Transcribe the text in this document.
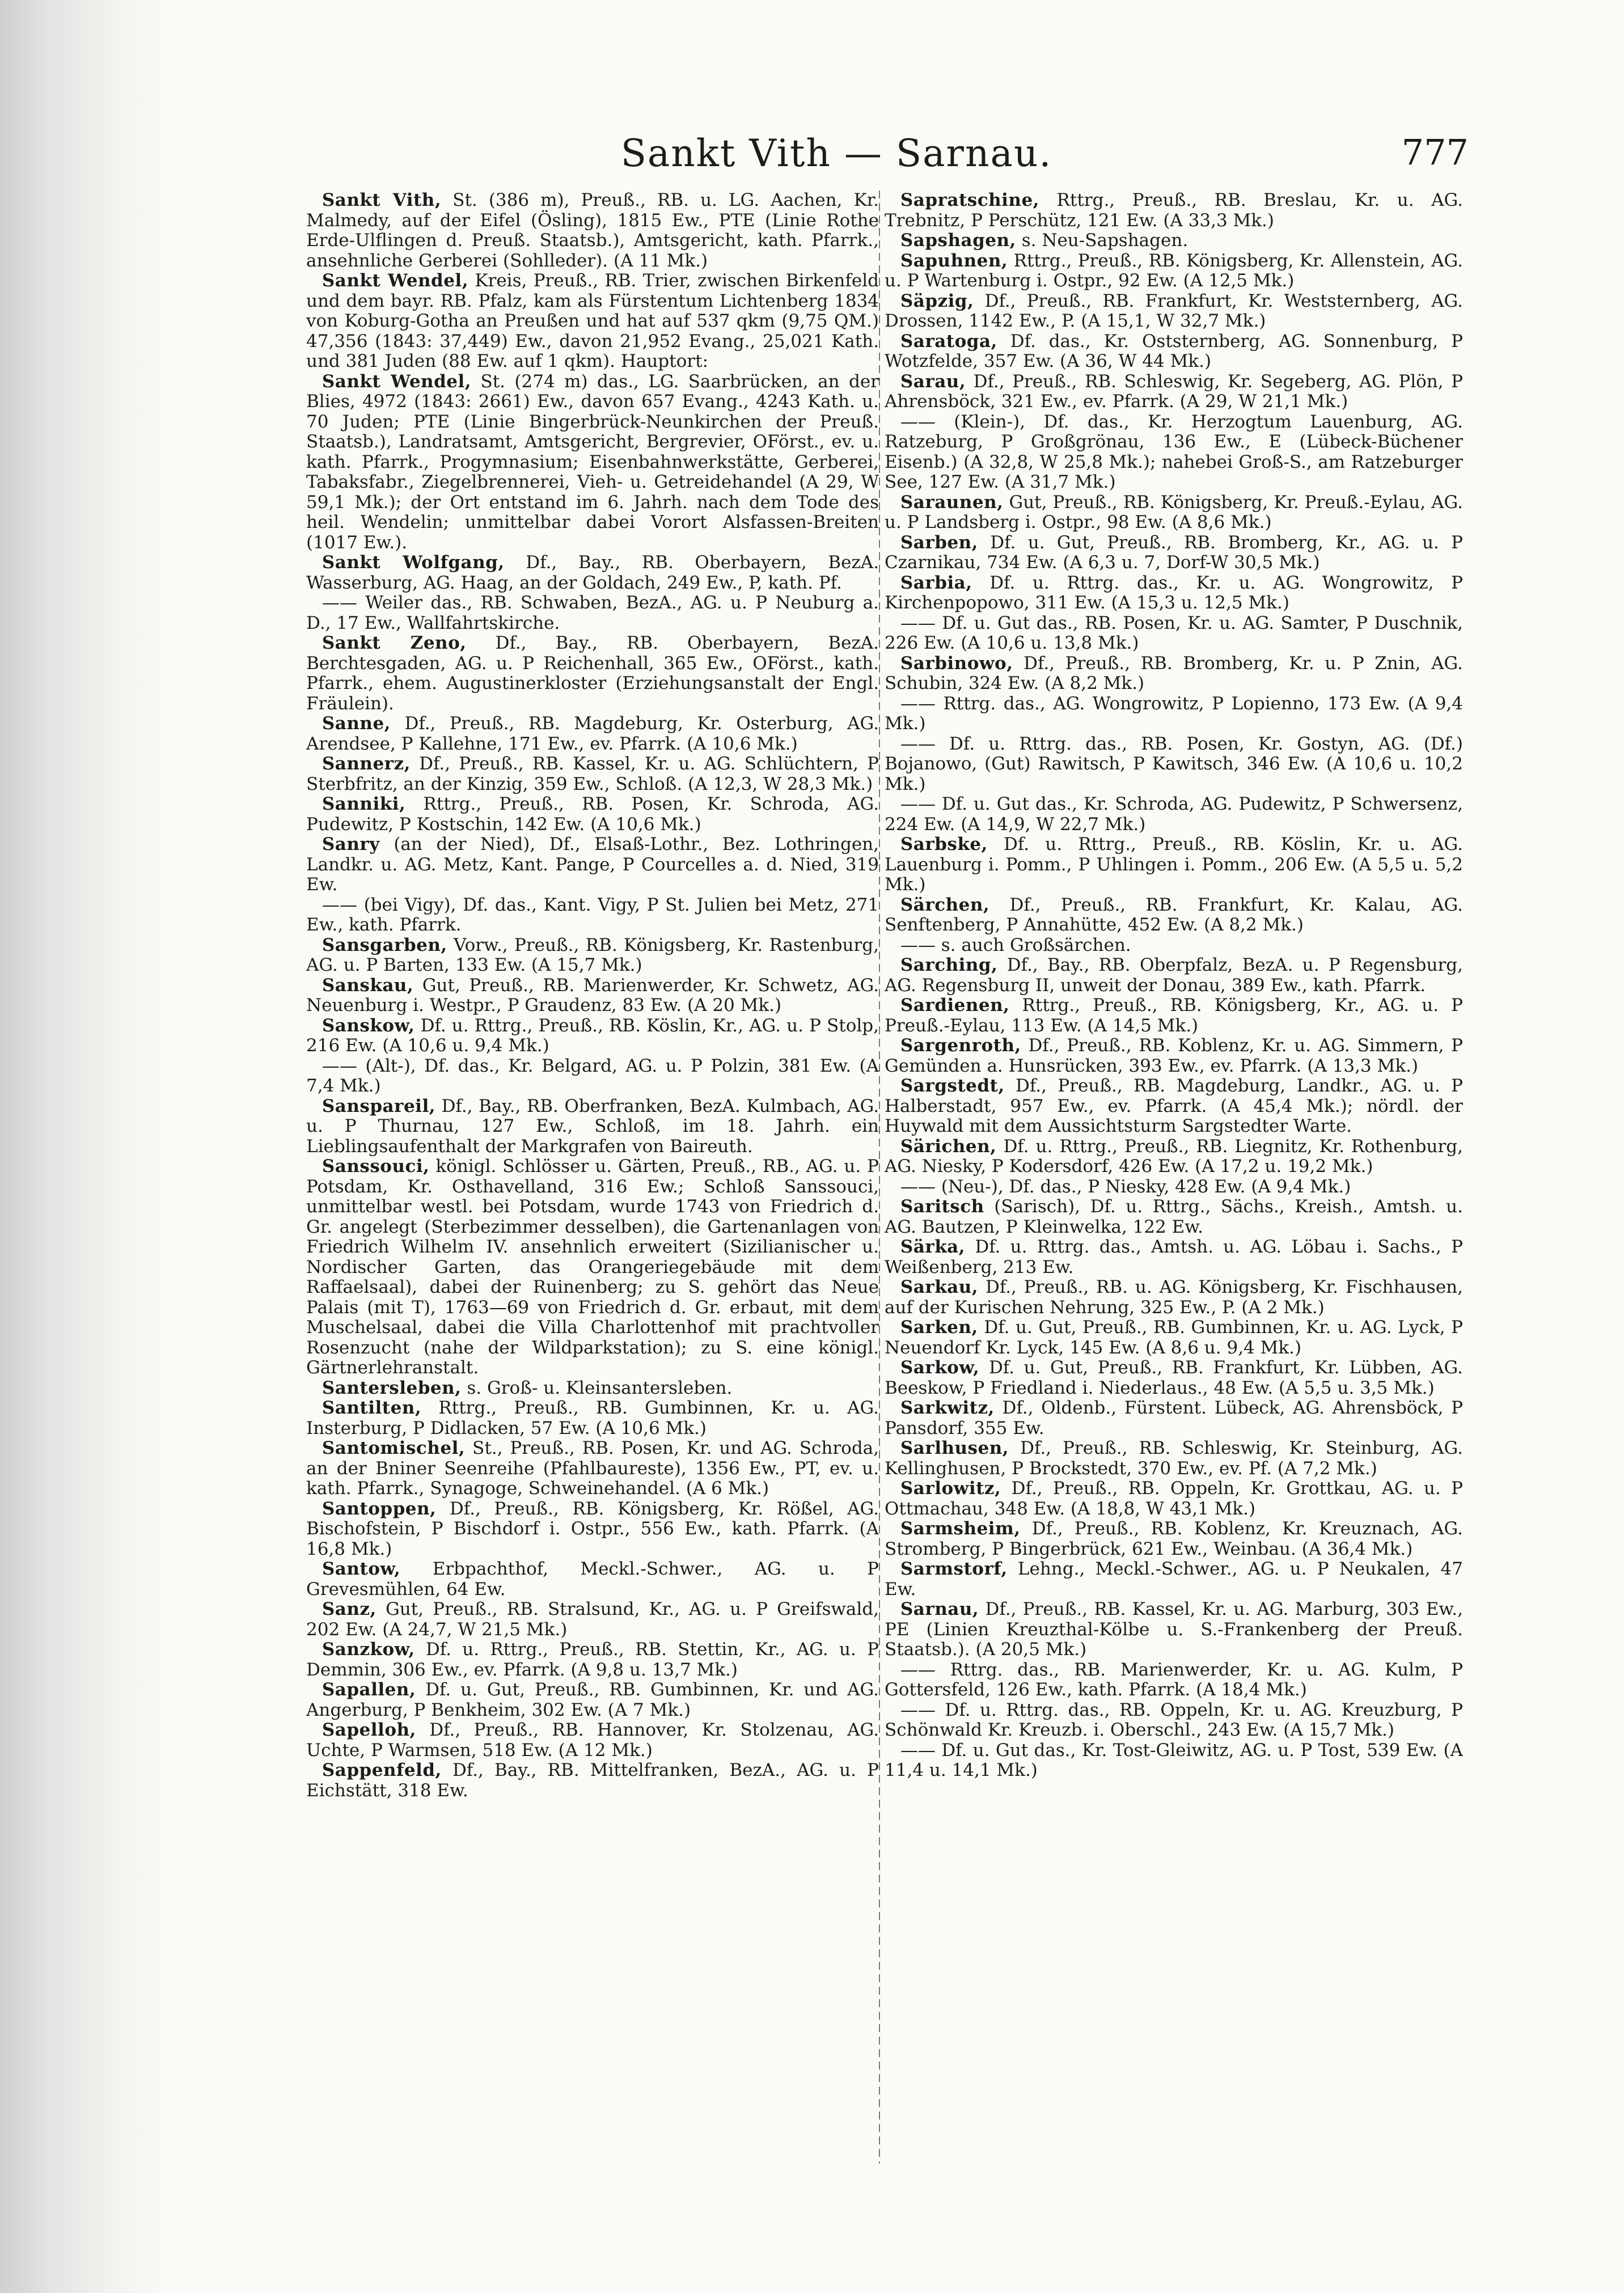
Sankt Vith — Sarnau.	777

Sankt Vith, St. (386 m), Preuß., RB. u. LG. Aachen, Kr. Malmedy, auf der Eifel (Ösling), 1815 Ew., PTE (Linie Rothe Erde-Ulflingen d. Preuß. Staatsb.), Amtsgericht, kath. Pfarrk., ansehnliche Gerberei (Sohlleder). (A 11 Mk.)

Sankt Wendel, Kreis, Preuß., RB. Trier, zwischen Birkenfeld und dem bayr. RB. Pfalz, kam als Fürstentum Lichtenberg 1834 von Koburg-Gotha an Preußen und hat auf 537 qkm (9,75 QM.) 47,356 (1843: 37,449) Ew., davon 21,952 Evang., 25,021 Kath. und 381 Juden (88 Ew. auf 1 qkm). Hauptort:

Sankt Wendel, St. (274 m) das., LG. Saarbrücken, an der Blies, 4972 (1843: 2661) Ew., davon 657 Evang., 4243 Kath. u. 70 Juden; PTE (Linie Bingerbrück-Neunkirchen der Preuß. Staatsb.), Landratsamt, Amtsgericht, Bergrevier, OFörst., ev. u. kath. Pfarrk., Progymnasium; Eisenbahnwerkstätte, Gerberei, Tabaksfabr., Ziegelbrennerei, Vieh- u. Getreidehandel (A 29, W 59,1 Mk.); der Ort entstand im 6. Jahrh. nach dem Tode des heil. Wendelin; unmittelbar dabei Vorort Alsfassen-Breiten (1017 Ew.).

Sankt Wolfgang, Df., Bay., RB. Oberbayern, BezA. Wasserburg, AG. Haag, an der Goldach, 249 Ew., P, kath. Pf.

—— Weiler das., RB. Schwaben, BezA., AG. u. P Neuburg a. D., 17 Ew., Wallfahrtskirche.

Sankt Zeno, Df., Bay., RB. Oberbayern, BezA. Berchtesgaden, AG. u. P Reichenhall, 365 Ew., OFörst., kath. Pfarrk., ehem. Augustinerkloster (Erziehungsanstalt der Engl. Fräulein).

Sanne, Df., Preuß., RB. Magdeburg, Kr. Osterburg, AG. Arendsee, P Kallehne, 171 Ew., ev. Pfarrk. (A 10,6 Mk.)

Sannerz, Df., Preuß., RB. Kassel, Kr. u. AG. Schlüchtern, P Sterbfritz, an der Kinzig, 359 Ew., Schloß. (A 12,3, W 28,3 Mk.)

Sanniki, Rttrg., Preuß., RB. Posen, Kr. Schroda, AG. Pudewitz, P Kostschin, 142 Ew. (A 10,6 Mk.)

Sanry (an der Nied), Df., Elsaß-Lothr., Bez. Lothringen, Landkr. u. AG. Metz, Kant. Pange, P Courcelles a. d. Nied, 319 Ew.

—— (bei Vigy), Df. das., Kant. Vigy, P St. Julien bei Metz, 271 Ew., kath. Pfarrk.

Sansgarben, Vorw., Preuß., RB. Königsberg, Kr. Rastenburg, AG. u. P Barten, 133 Ew. (A 15,7 Mk.)

Sanskau, Gut, Preuß., RB. Marienwerder, Kr. Schwetz, AG. Neuenburg i. Westpr., P Graudenz, 83 Ew. (A 20 Mk.)

Sanskow, Df. u. Rttrg., Preuß., RB. Köslin, Kr., AG. u. P Stolp, 216 Ew. (A 10,6 u. 9,4 Mk.)

—— (Alt-), Df. das., Kr. Belgard, AG. u. P Polzin, 381 Ew. (A 7,4 Mk.)

Sanspareil, Df., Bay., RB. Oberfranken, BezA. Kulmbach, AG. u. P Thurnau, 127 Ew., Schloß, im 18. Jahrh. ein Lieblingsaufenthalt der Markgrafen von Baireuth.

Sanssouci, königl. Schlösser u. Gärten, Preuß., RB., AG. u. P Potsdam, Kr. Osthavelland, 316 Ew.; Schloß Sanssouci, unmittelbar westl. bei Potsdam, wurde 1743 von Friedrich d. Gr. angelegt (Sterbezimmer desselben), die Gartenanlagen von Friedrich Wilhelm IV. ansehnlich erweitert (Sizilianischer u. Nordischer Garten, das Orangeriegebäude mit dem Raffaelsaal), dabei der Ruinenberg; zu S. gehört das Neue Palais (mit T), 1763—69 von Friedrich d. Gr. erbaut, mit dem Muschelsaal, dabei die Villa Charlottenhof mit prachtvoller Rosenzucht (nahe der Wildparkstation); zu S. eine königl. Gärtnerlehranstalt.

Santersleben, s. Groß- u. Kleinsantersleben.

Santilten, Rttrg., Preuß., RB. Gumbinnen, Kr. u. AG. Insterburg, P Didlacken, 57 Ew. (A 10,6 Mk.)

Santomischel, St., Preuß., RB. Posen, Kr. und AG. Schroda, an der Bniner Seenreihe (Pfahlbaureste), 1356 Ew., PT, ev. u. kath. Pfarrk., Synagoge, Schweinehandel. (A 6 Mk.)

Santoppen, Df., Preuß., RB. Königsberg, Kr. Rößel, AG. Bischofstein, P Bischdorf i. Ostpr., 556 Ew., kath. Pfarrk. (A 16,8 Mk.)

Santow, Erbpachthof, Meckl.-Schwer., AG. u. P Grevesmühlen, 64 Ew.

Sanz, Gut, Preuß., RB. Stralsund, Kr., AG. u. P Greifswald, 202 Ew. (A 24,7, W 21,5 Mk.)

Sanzkow, Df. u. Rttrg., Preuß., RB. Stettin, Kr., AG. u. P Demmin, 306 Ew., ev. Pfarrk. (A 9,8 u. 13,7 Mk.)

Sapallen, Df. u. Gut, Preuß., RB. Gumbinnen, Kr. und AG. Angerburg, P Benkheim, 302 Ew. (A 7 Mk.)

Sapelloh, Df., Preuß., RB. Hannover, Kr. Stolzenau, AG. Uchte, P Warmsen, 518 Ew. (A 12 Mk.)

Sappenfeld, Df., Bay., RB. Mittelfranken, BezA., AG. u. P Eichstätt, 318 Ew.

Sapratschine, Rttrg., Preuß., RB. Breslau, Kr. u. AG. Trebnitz, P Perschütz, 121 Ew. (A 33,3 Mk.)

Sapshagen, s. Neu-Sapshagen.

Sapuhnen, Rttrg., Preuß., RB. Königsberg, Kr. Allenstein, AG. u. P Wartenburg i. Ostpr., 92 Ew. (A 12,5 Mk.)

Säpzig, Df., Preuß., RB. Frankfurt, Kr. Weststernberg, AG. Drossen, 1142 Ew., P. (A 15,1, W 32,7 Mk.)

Saratoga, Df. das., Kr. Oststernberg, AG. Sonnenburg, P Wotzfelde, 357 Ew. (A 36, W 44 Mk.)

Sarau, Df., Preuß., RB. Schleswig, Kr. Segeberg, AG. Plön, P Ahrensböck, 321 Ew., ev. Pfarrk. (A 29, W 21,1 Mk.)

—— (Klein-), Df. das., Kr. Herzogtum Lauenburg, AG. Ratzeburg, P Großgrönau, 136 Ew., E (Lübeck-Büchener Eisenb.) (A 32,8, W 25,8 Mk.); nahebei Groß-S., am Ratzeburger See, 127 Ew. (A 31,7 Mk.)

Saraunen, Gut, Preuß., RB. Königsberg, Kr. Preuß.-Eylau, AG. u. P Landsberg i. Ostpr., 98 Ew. (A 8,6 Mk.)

Sarben, Df. u. Gut, Preuß., RB. Bromberg, Kr., AG. u. P Czarnikau, 734 Ew. (A 6,3 u. 7, Dorf-W 30,5 Mk.)

Sarbia, Df. u. Rttrg. das., Kr. u. AG. Wongrowitz, P Kirchenpopowo, 311 Ew. (A 15,3 u. 12,5 Mk.)

—— Df. u. Gut das., RB. Posen, Kr. u. AG. Samter, P Duschnik, 226 Ew. (A 10,6 u. 13,8 Mk.)

Sarbinowo, Df., Preuß., RB. Bromberg, Kr. u. P Znin, AG. Schubin, 324 Ew. (A 8,2 Mk.)

—— Rttrg. das., AG. Wongrowitz, P Lopienno, 173 Ew. (A 9,4 Mk.)

—— Df. u. Rttrg. das., RB. Posen, Kr. Gostyn, AG. (Df.) Bojanowo, (Gut) Rawitsch, P Kawitsch, 346 Ew. (A 10,6 u. 10,2 Mk.)

—— Df. u. Gut das., Kr. Schroda, AG. Pudewitz, P Schwersenz, 224 Ew. (A 14,9, W 22,7 Mk.)

Sarbske, Df. u. Rttrg., Preuß., RB. Köslin, Kr. u. AG. Lauenburg i. Pomm., P Uhlingen i. Pomm., 206 Ew. (A 5,5 u. 5,2 Mk.)

Särchen, Df., Preuß., RB. Frankfurt, Kr. Kalau, AG. Senftenberg, P Annahütte, 452 Ew. (A 8,2 Mk.)

—— s. auch Großsärchen.

Sarching, Df., Bay., RB. Oberpfalz, BezA. u. P Regensburg, AG. Regensburg II, unweit der Donau, 389 Ew., kath. Pfarrk.

Sardienen, Rttrg., Preuß., RB. Königsberg, Kr., AG. u. P Preuß.-Eylau, 113 Ew. (A 14,5 Mk.)

Sargenroth, Df., Preuß., RB. Koblenz, Kr. u. AG. Simmern, P Gemünden a. Hunsrücken, 393 Ew., ev. Pfarrk. (A 13,3 Mk.)

Sargstedt, Df., Preuß., RB. Magdeburg, Landkr., AG. u. P Halberstadt, 957 Ew., ev. Pfarrk. (A 45,4 Mk.); nördl. der Huywald mit dem Aussichtsturm Sargstedter Warte.

Särichen, Df. u. Rttrg., Preuß., RB. Liegnitz, Kr. Rothenburg, AG. Niesky, P Kodersdorf, 426 Ew. (A 17,2 u. 19,2 Mk.)

—— (Neu-), Df. das., P Niesky, 428 Ew. (A 9,4 Mk.)

Saritsch (Sarisch), Df. u. Rttrg., Sächs., Kreish., Amtsh. u. AG. Bautzen, P Kleinwelka, 122 Ew.

Särka, Df. u. Rttrg. das., Amtsh. u. AG. Löbau i. Sachs., P Weißenberg, 213 Ew.

Sarkau, Df., Preuß., RB. u. AG. Königsberg, Kr. Fischhausen, auf der Kurischen Nehrung, 325 Ew., P. (A 2 Mk.)

Sarken, Df. u. Gut, Preuß., RB. Gumbinnen, Kr. u. AG. Lyck, P Neuendorf Kr. Lyck, 145 Ew. (A 8,6 u. 9,4 Mk.)

Sarkow, Df. u. Gut, Preuß., RB. Frankfurt, Kr. Lübben, AG. Beeskow, P Friedland i. Niederlaus., 48 Ew. (A 5,5 u. 3,5 Mk.)

Sarkwitz, Df., Oldenb., Fürstent. Lübeck, AG. Ahrensböck, P Pansdorf, 355 Ew.

Sarlhusen, Df., Preuß., RB. Schleswig, Kr. Steinburg, AG. Kellinghusen, P Brockstedt, 370 Ew., ev. Pf. (A 7,2 Mk.)

Sarlowitz, Df., Preuß., RB. Oppeln, Kr. Grottkau, AG. u. P Ottmachau, 348 Ew. (A 18,8, W 43,1 Mk.)

Sarmsheim, Df., Preuß., RB. Koblenz, Kr. Kreuznach, AG. Stromberg, P Bingerbrück, 621 Ew., Weinbau. (A 36,4 Mk.)

Sarmstorf, Lehng., Meckl.-Schwer., AG. u. P Neukalen, 47 Ew.

Sarnau, Df., Preuß., RB. Kassel, Kr. u. AG. Marburg, 303 Ew., PE (Linien Kreuzthal-Kölbe u. S.-Frankenberg der Preuß. Staatsb.). (A 20,5 Mk.)

—— Rttrg. das., RB. Marienwerder, Kr. u. AG. Kulm, P Gottersfeld, 126 Ew., kath. Pfarrk. (A 18,4 Mk.)

—— Df. u. Rttrg. das., RB. Oppeln, Kr. u. AG. Kreuzburg, P Schönwald Kr. Kreuzb. i. Oberschl., 243 Ew. (A 15,7 Mk.)

—— Df. u. Gut das., Kr. Tost-Gleiwitz, AG. u. P Tost, 539 Ew. (A 11,4 u. 14,1 Mk.)
